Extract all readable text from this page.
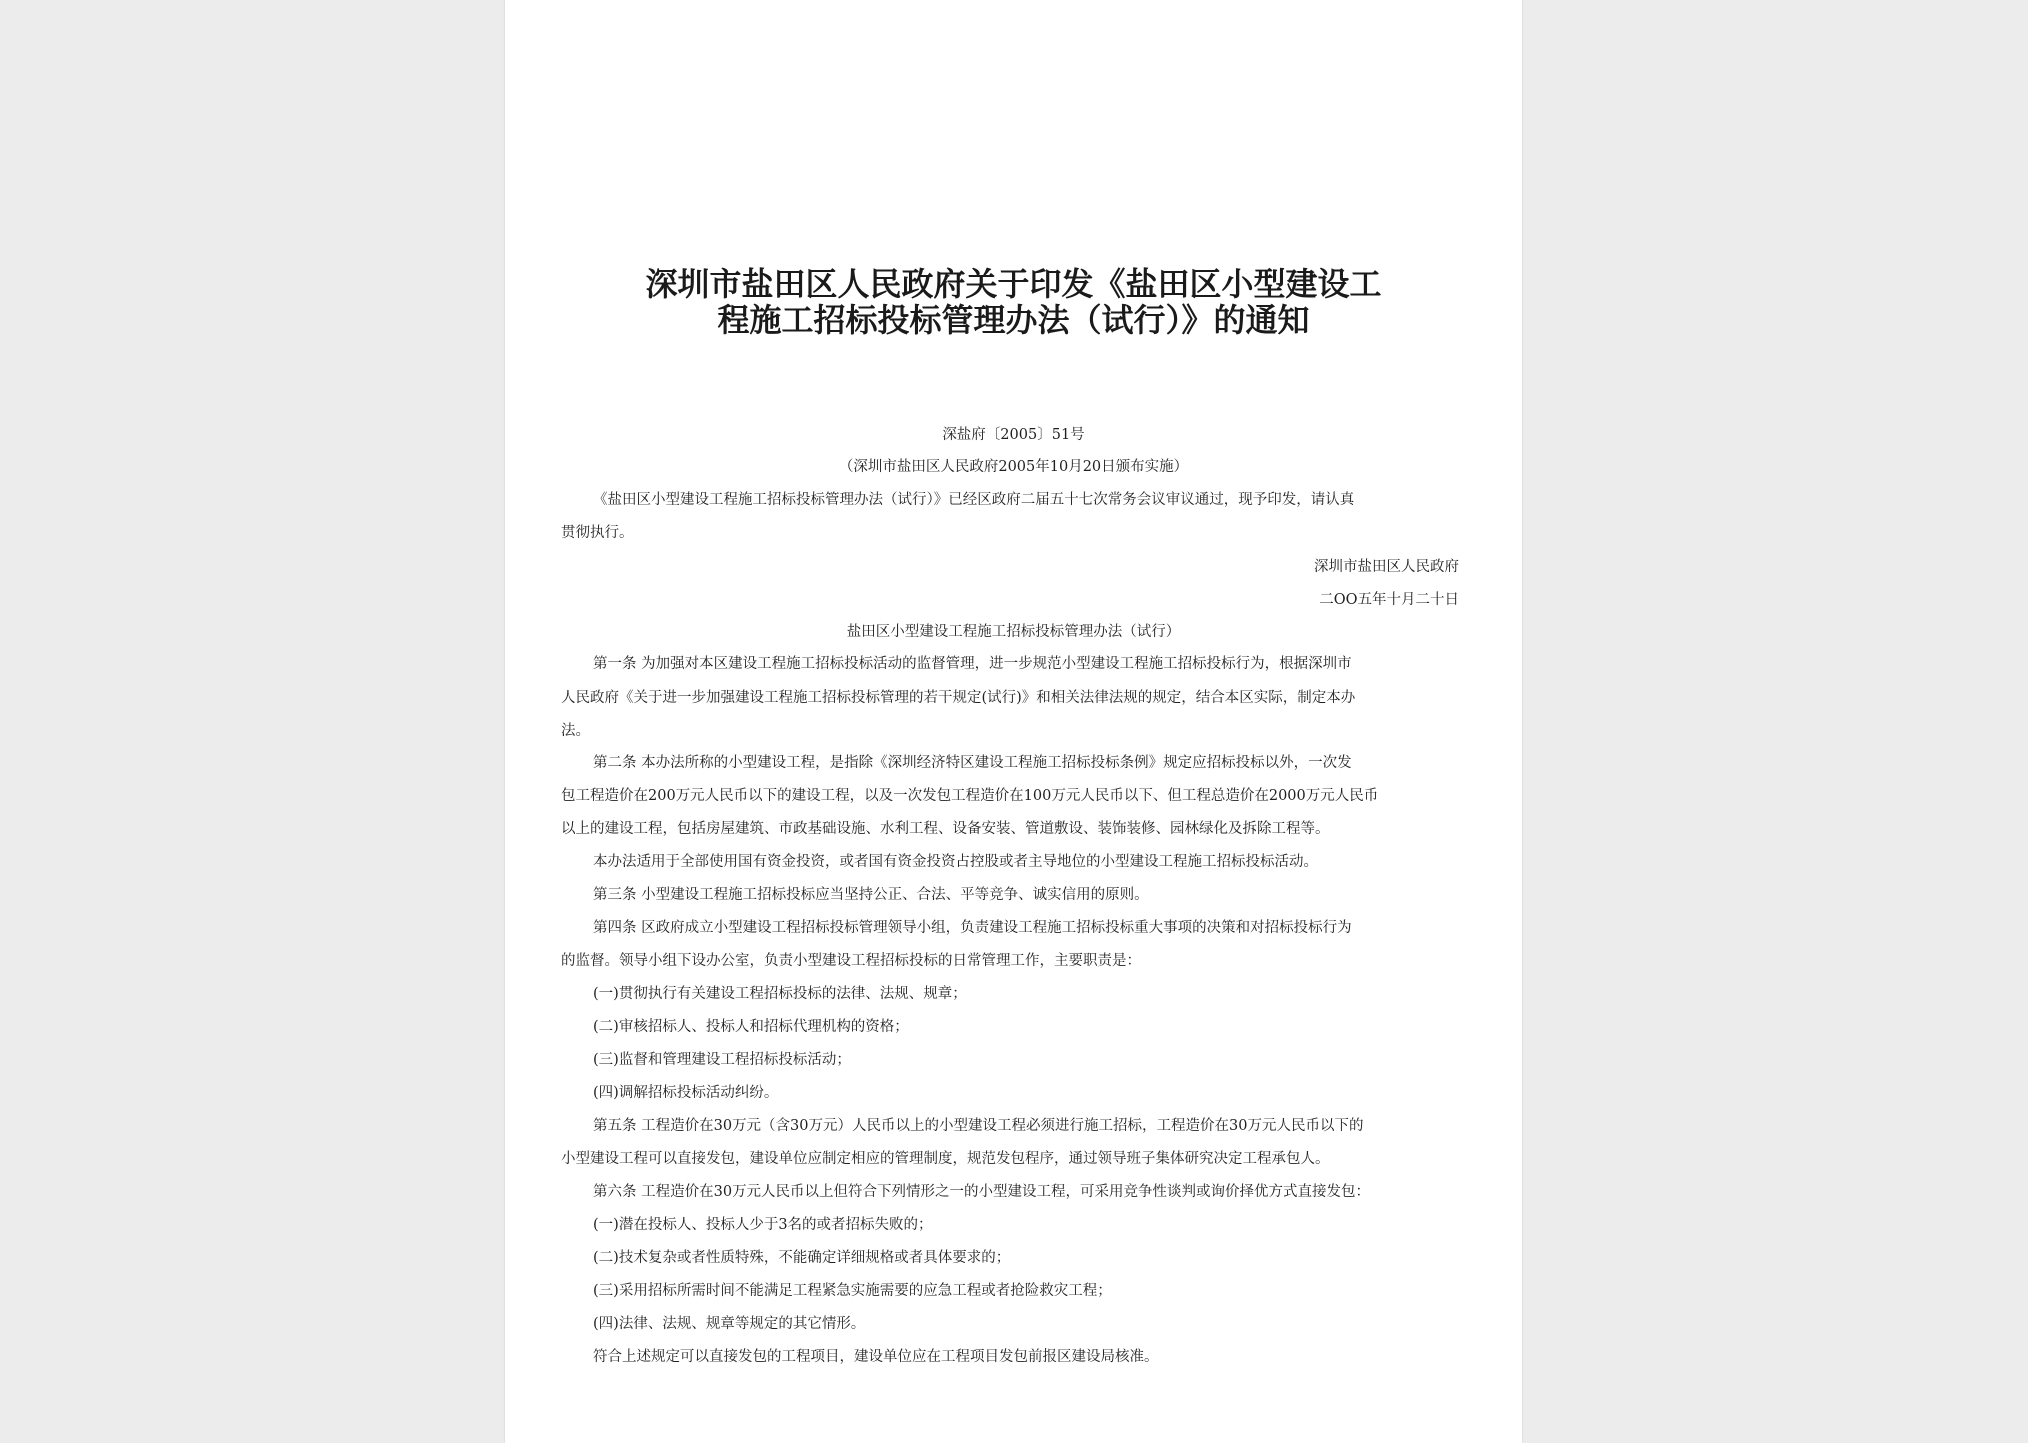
深圳市盐田区人民政府关于印发《盐田区小型建设工
程施工招标投标管理办法（试行）》的通知
深盐府〔2005〕51号
（深圳市盐田区人民政府2005年10月20日颁布实施）
《盐田区小型建设工程施工招标投标管理办法（试行）》已经区政府二届五十七次常务会议审议通过，现予印发，请认真
贯彻执行。
深圳市盐田区人民政府
二OO五年十月二十日
盐田区小型建设工程施工招标投标管理办法（试行）
第一条 为加强对本区建设工程施工招标投标活动的监督管理，进一步规范小型建设工程施工招标投标行为，根据深圳市
人民政府《关于进一步加强建设工程施工招标投标管理的若干规定(试行)》和相关法律法规的规定，结合本区实际，制定本办
法。
第二条 本办法所称的小型建设工程，是指除《深圳经济特区建设工程施工招标投标条例》规定应招标投标以外，一次发
包工程造价在200万元人民币以下的建设工程，以及一次发包工程造价在100万元人民币以下、但工程总造价在2000万元人民币
以上的建设工程，包括房屋建筑、市政基础设施、水利工程、设备安装、管道敷设、装饰装修、园林绿化及拆除工程等。
本办法适用于全部使用国有资金投资，或者国有资金投资占控股或者主导地位的小型建设工程施工招标投标活动。
第三条 小型建设工程施工招标投标应当坚持公正、合法、平等竞争、诚实信用的原则。
第四条 区政府成立小型建设工程招标投标管理领导小组，负责建设工程施工招标投标重大事项的决策和对招标投标行为
的监督。领导小组下设办公室，负责小型建设工程招标投标的日常管理工作，主要职责是：
(一)贯彻执行有关建设工程招标投标的法律、法规、规章；
(二)审核招标人、投标人和招标代理机构的资格；
(三)监督和管理建设工程招标投标活动；
(四)调解招标投标活动纠纷。
第五条 工程造价在30万元（含30万元）人民币以上的小型建设工程必须进行施工招标，工程造价在30万元人民币以下的
小型建设工程可以直接发包，建设单位应制定相应的管理制度，规范发包程序，通过领导班子集体研究决定工程承包人。
第六条 工程造价在30万元人民币以上但符合下列情形之一的小型建设工程，可采用竞争性谈判或询价择优方式直接发包：
(一)潜在投标人、投标人少于3名的或者招标失败的；
(二)技术复杂或者性质特殊，不能确定详细规格或者具体要求的；
(三)采用招标所需时间不能满足工程紧急实施需要的应急工程或者抢险救灾工程；
(四)法律、法规、规章等规定的其它情形。
符合上述规定可以直接发包的工程项目，建设单位应在工程项目发包前报区建设局核准。
